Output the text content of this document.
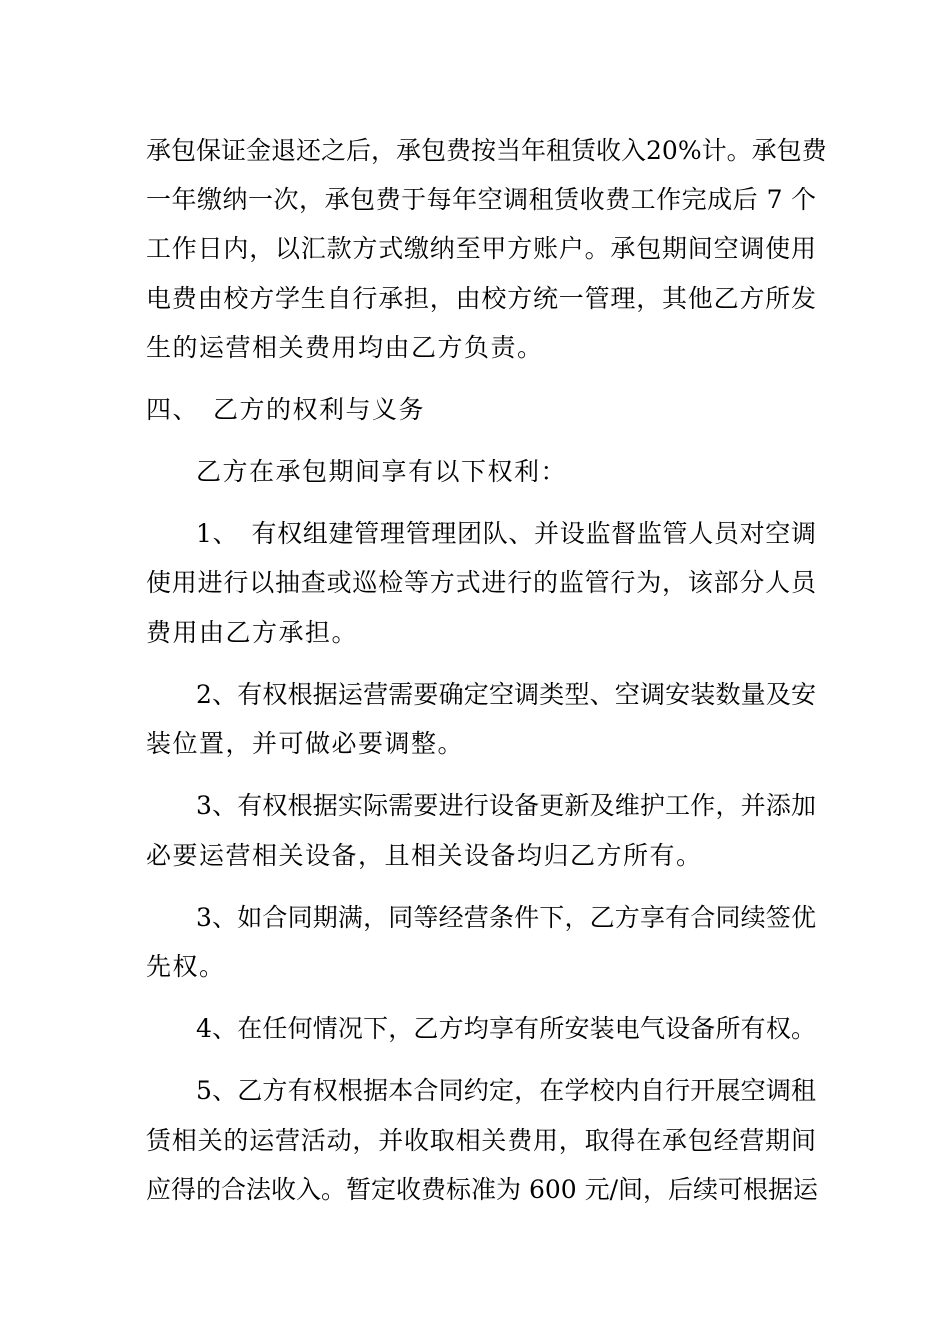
承包保证金退还之后，承包费按当年租赁收入20%计。承包费
一年缴纳一次，承包费于每年空调租赁收费工作完成后 7 个
工作日内，以汇款方式缴纳至甲方账户。承包期间空调使用
电费由校方学生自行承担，由校方统一管理，其他乙方所发
生的运营相关费用均由乙方负责。
四、　乙方的权利与义务
乙方在承包期间享有以下权利：
1、　有权组建管理管理团队、并设监督监管人员对空调
使用进行以抽查或巡检等方式进行的监管行为，该部分人员
费用由乙方承担。
2、有权根据运营需要确定空调类型、空调安装数量及安
装位置，并可做必要调整。
3、有权根据实际需要进行设备更新及维护工作，并添加
必要运营相关设备，且相关设备均归乙方所有。
3、如合同期满，同等经营条件下，乙方享有合同续签优
先权。
4、在任何情况下，乙方均享有所安装电气设备所有权。
5、乙方有权根据本合同约定，在学校内自行开展空调租
赁相关的运营活动，并收取相关费用，取得在承包经营期间
应得的合法收入。暂定收费标准为 600 元/间，后续可根据运
